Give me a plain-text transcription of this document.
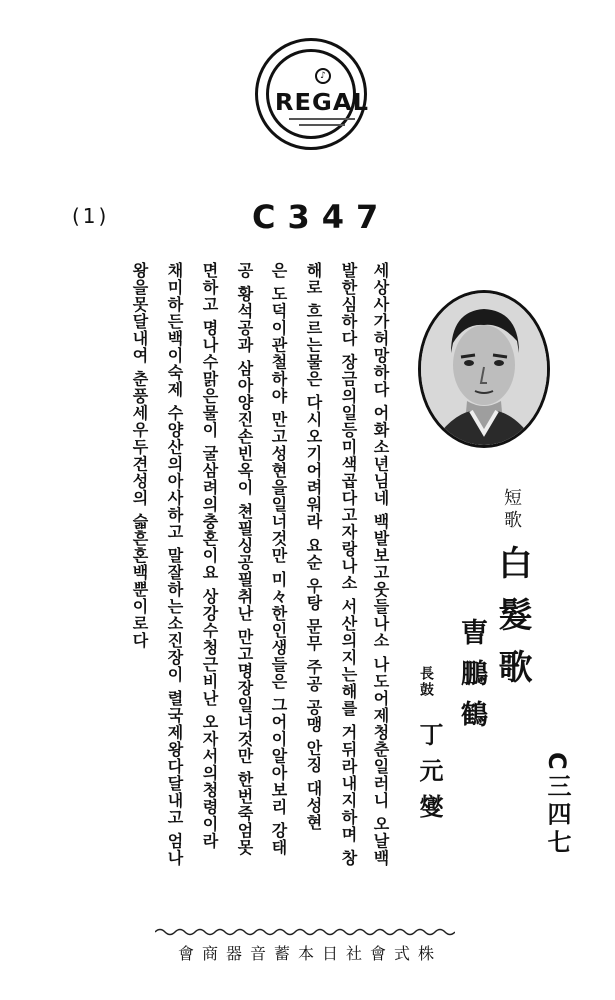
♪
REGAL
(1)	C347
短歌
白髮歌
曺鵬鶴
長鼓
丁元燮	C三四七
세상사가허망하다 어화소년님네 백발보고웃들나소 나도어제청춘일러니 오날백
발한심하다 장금의일등미색곱다고자랑나소 서산의지는해를 거뒤라내지하며 창
해로 흐르는물은 다시오기어려워라 요순 우탕 문무 주공 공맹 안징 대성현
은 도덕이관철하야 만고성현을일너것만 미々한인생들은 그어이알아보리 강태
공 황석공과 삼아양진손빈옥이 쳔필싱공필취난 만고명장일너것만 한번죽엄못
면하고 명나수맑은물이 굴삼려의충혼이요 상강수청근비난 오자서의청령이라
채미하든백이숙제 수양산의아사하고 말잘하는소진장이 렬국제왕다달내고 엄나
왕을못달내여 춘풍세우두견성의 슯흔혼백뿐이로다
株式會社日本蓄音器商會
